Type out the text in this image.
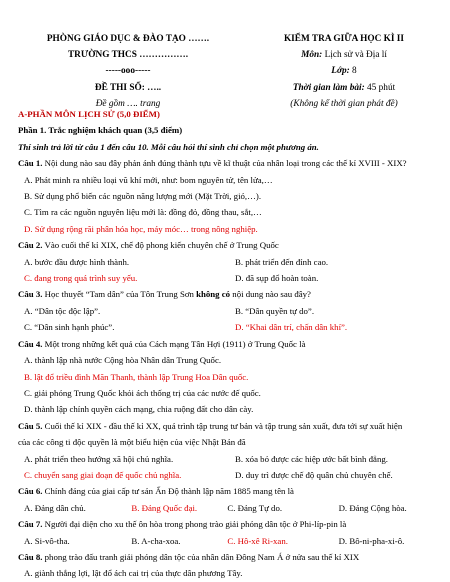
PHÒNG GIÁO DỤC & ĐÀO TẠO …….
TRƯỜNG THCS …………….
-----ooo-----
ĐỀ THI SỐ: …..
Đề gồm …. trang
KIỂM TRA GIỮA HỌC KÌ II
Môn: Lịch sử và Địa lí
Lớp: 8
Thời gian làm bài: 45 phút
(Không kể thời gian phát đề)
A-PHẦN MÔN LỊCH SỬ (5,0 ĐIỂM)
Phần 1. Trắc nghiệm khách quan (3,5 điểm)
Thí sinh trả lời từ câu 1 đến câu 10. Mỗi câu hỏi thí sinh chỉ chọn một phương án.
Câu 1. Nội dung nào sau đây phản ánh đúng thành tựu về kĩ thuật của nhân loại trong các thế kỉ XVIII - XIX?
A. Phát minh ra nhiều loại vũ khí mới, như: bom nguyên tử, tên lửa,…
B. Sử dụng phổ biến các nguồn năng lượng mới (Mặt Trời, gió,…).
C. Tìm ra các nguồn nguyên liệu mới là: đồng đỏ, đồng thau, sắt,…
D. Sử dụng rộng rãi phân hóa học, máy móc… trong nông nghiệp.
Câu 2. Vào cuối thế kỉ XIX, chế độ phong kiến chuyên chế ở Trung Quốc
A. bước đầu được hình thành.	B. phát triển đến đỉnh cao.
C. đang trong quá trình suy yếu.	D. đã sụp đổ hoàn toàn.
Câu 3. Học thuyết “Tam dân” của Tôn Trung Sơn không có nội dung nào sau đây?
A. “Dân tộc độc lập”.	B. “Dân quyền tự do”.
C. “Dân sinh hạnh phúc”.	D. “Khai dân trí, chấn dân khí”.
Câu 4. Một trong những kết quả của Cách mạng Tân Hợi (1911) ở Trung Quốc là
A. thành lập nhà nước Cộng hòa Nhân dân Trung Quốc.
B. lật đổ triều đình Mãn Thanh, thành lập Trung Hoa Dân quốc.
C. giải phóng Trung Quốc khỏi ách thống trị của các nước đế quốc.
D. thành lập chính quyền cách mạng, chia ruộng đất cho dân cày.
Câu 5. Cuối thế kỉ XIX - đầu thế kỉ XX, quá trình tập trung tư bản và tập trung sản xuất, đưa tới sự xuất hiện
của các công ti độc quyền là một biểu hiện của việc Nhật Bản đã
A. phát triển theo hướng xã hội chủ nghĩa.	B. xóa bỏ được các hiệp ước bất bình đẳng.
C. chuyển sang giai đoạn đế quốc chủ nghĩa.	D. duy trì được chế độ quân chủ chuyên chế.
Câu 6. Chính đảng của giai cấp tư sản Ấn Độ thành lập năm 1885 mang tên là
A. Đảng dân chủ.	B. Đảng Quốc đại.	C. Đảng Tự do.	D. Đảng Cộng hòa.
Câu 7. Người đại diện cho xu thế ôn hòa trong phong trào giải phóng dân tộc ở Phi-líp-pin là
A. Si-vô-tha.	B. A-cha-xoa.	C. Hô-xê Ri-xan.	D. Bô-ni-pha-xi-ô.
Câu 8. phong trào đấu tranh giải phóng dân tộc của nhân dân Đông Nam Á ở nửa sau thế kỉ XIX
A. giành thắng lợi, lật đổ ách cai trị của thực dân phương Tây.
